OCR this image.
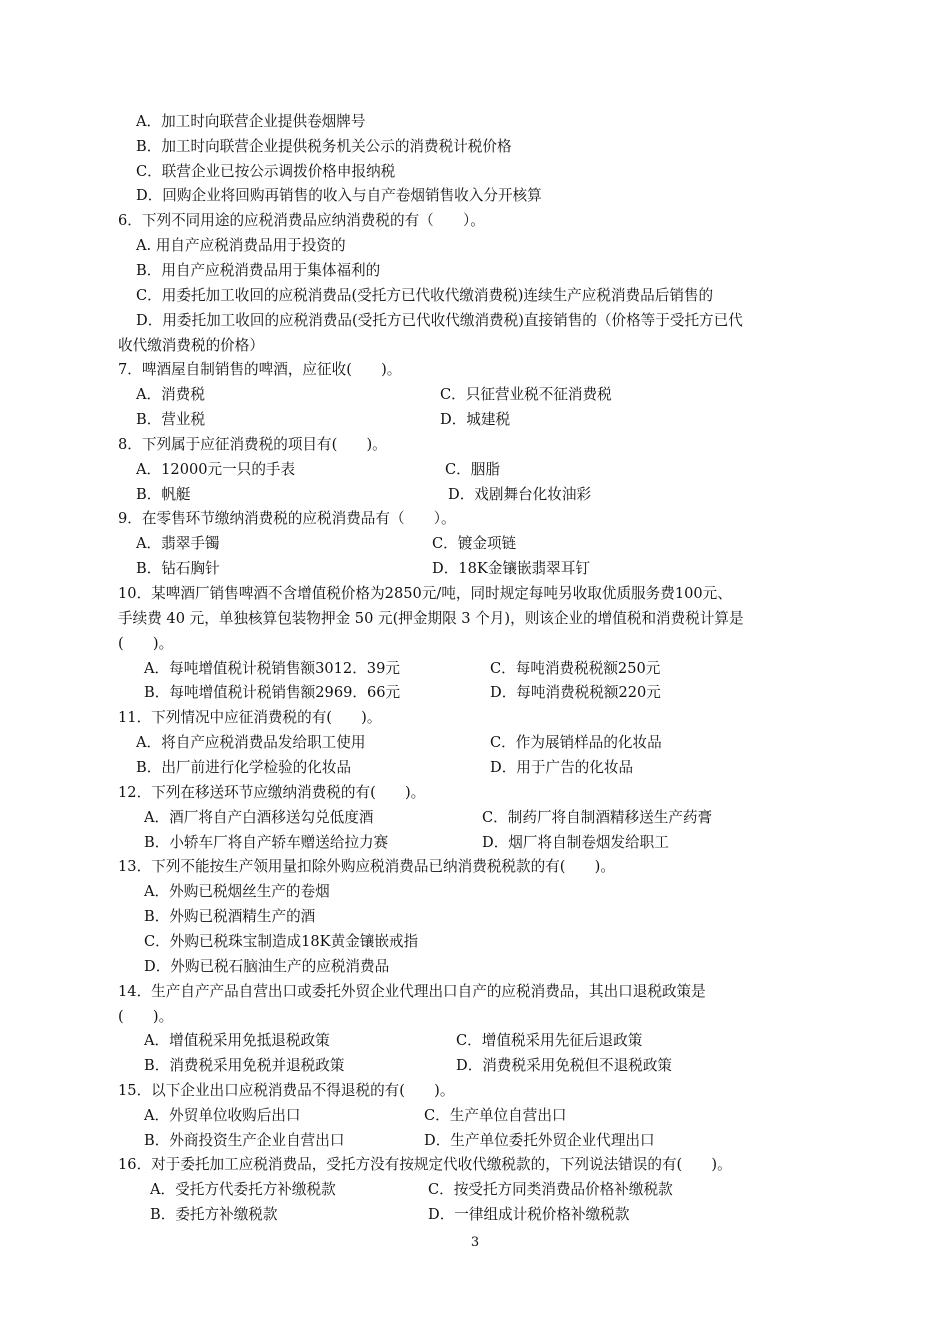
A．加工时向联营企业提供卷烟牌号
B．加工时向联营企业提供税务机关公示的消费税计税价格
C．联营企业已按公示调拨价格申报纳税
D．回购企业将回购再销售的收入与自产卷烟销售收入分开核算
6．下列不同用途的应税消费品应纳消费税的有（　　）。
A. 用自产应税消费品用于投资的
B．用自产应税消费品用于集体福利的
C．用委托加工收回的应税消费品(受托方已代收代缴消费税)连续生产应税消费品后销售的
D．用委托加工收回的应税消费品(受托方已代收代缴消费税)直接销售的（价格等于受托方已代
收代缴消费税的价格）
7．啤酒屋自制销售的啤酒，应征收(　　)。
A．消费税	C．只征营业税不征消费税
B．营业税	D．城建税
8．下列属于应征消费税的项目有(　　)。
A．12000元一只的手表	C．胭脂
B．帆艇	D．戏剧舞台化妆油彩
9．在零售环节缴纳消费税的应税消费品有（　　）。
A．翡翠手镯	C．镀金项链
B．钻石胸针	D．18K金镶嵌翡翠耳钉
10．某啤酒厂销售啤酒不含增值税价格为2850元/吨，同时规定每吨另收取优质服务费100元、
手续费 40 元，单独核算包装物押金 50 元(押金期限 3 个月)，则该企业的增值税和消费税计算是
(　　)。
A．每吨增值税计税销售额3012．39元	C．每吨消费税税额250元
B．每吨增值税计税销售额2969．66元	D．每吨消费税税额220元
11．下列情况中应征消费税的有(　　)。
A．将自产应税消费品发给职工使用	C．作为展销样品的化妆品
B．出厂前进行化学检验的化妆品	D．用于广告的化妆品
12．下列在移送环节应缴纳消费税的有(　　)。
A．酒厂将自产白酒移送勾兑低度酒	C．制药厂将自制酒精移送生产药膏
B．小轿车厂将自产轿车赠送给拉力赛	D．烟厂将自制卷烟发给职工
13．下列不能按生产领用量扣除外购应税消费品已纳消费税税款的有(　　)。
A．外购已税烟丝生产的卷烟
B．外购已税酒精生产的酒
C．外购已税珠宝制造成18K黄金镶嵌戒指
D．外购已税石脑油生产的应税消费品
14．生产自产产品自营出口或委托外贸企业代理出口自产的应税消费品，其出口退税政策是
(　　)。
A．增值税采用免抵退税政策	C．增值税采用先征后退政策
B．消费税采用免税并退税政策	D．消费税采用免税但不退税政策
15．以下企业出口应税消费品不得退税的有(　　)。
A．外贸单位收购后出口	C．生产单位自营出口
B．外商投资生产企业自营出口	D．生产单位委托外贸企业代理出口
16．对于委托加工应税消费品，受托方没有按规定代收代缴税款的，下列说法错误的有(　　)。
A．受托方代委托方补缴税款	C．按受托方同类消费品价格补缴税款
B．委托方补缴税款	D．一律组成计税价格补缴税款
3
